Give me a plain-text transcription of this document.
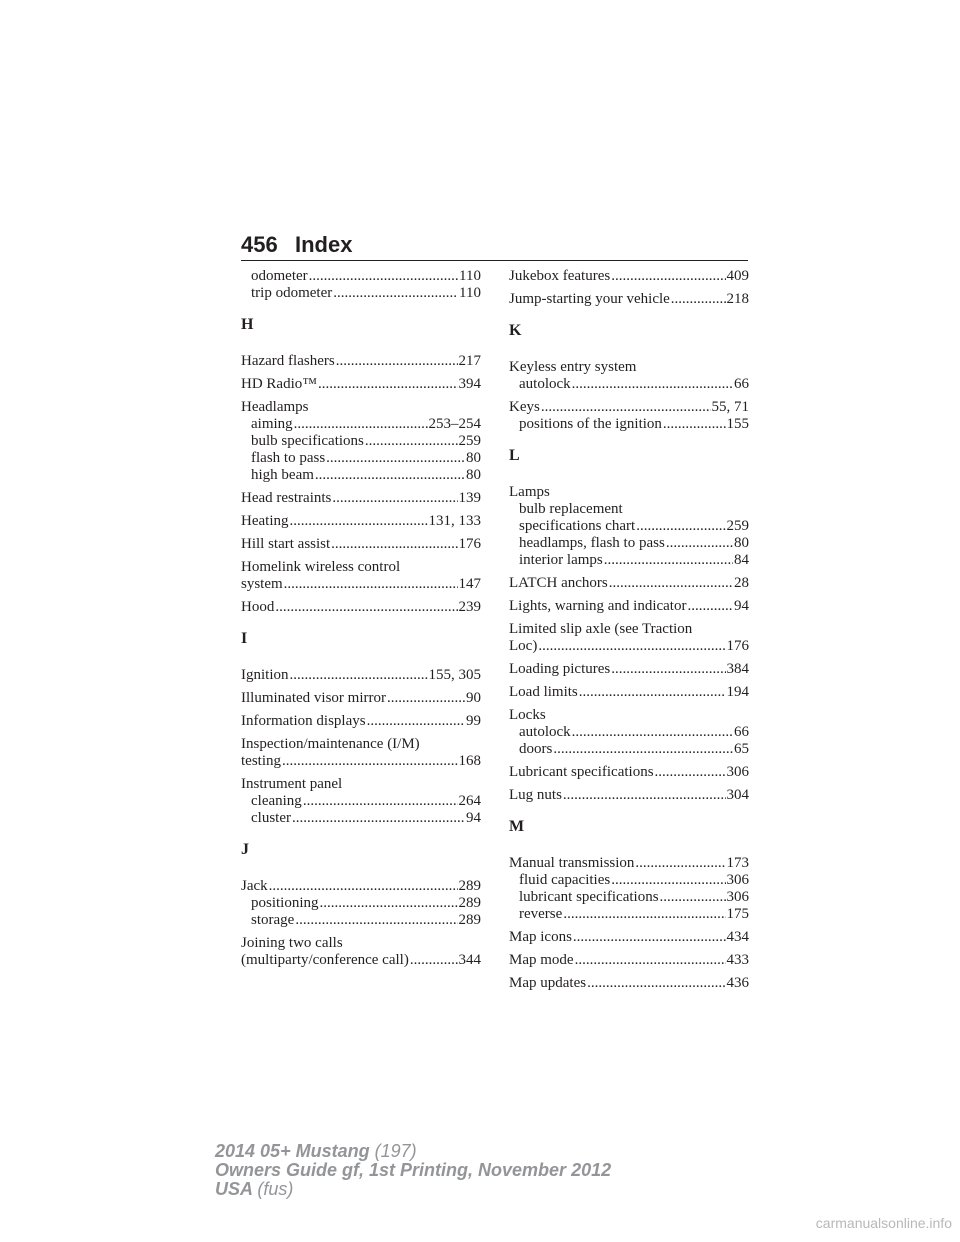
456 Index
odometer .....	110
trip odometer .....	110
H
Hazard flashers .....	217
HD Radio™ .....	394
Headlamps
aiming .....	253–254
bulb specifications .....	259
flash to pass .....	80
high beam .....	80
Head restraints .....	139
Heating .....	131, 133
Hill start assist .....	176
Homelink wireless control
system .....	147
Hood .....	239
I
Ignition .....	155, 305
Illuminated visor mirror .....	90
Information displays .....	99
Inspection/maintenance (I/M)
testing .....	168
Instrument panel
cleaning .....	264
cluster .....	94
J
Jack .....	289
positioning .....	289
storage .....	289
Joining two calls
(multiparty/conference call) .....	344
Jukebox features .....	409
Jump-starting your vehicle .....	218
K
Keyless entry system
autolock .....	66
Keys .....	55, 71
positions of the ignition .....	155
L
Lamps
bulb replacement
specifications chart .....	259
headlamps, flash to pass .....	80
interior lamps .....	84
LATCH anchors .....	28
Lights, warning and indicator .....	94
Limited slip axle (see Traction
Loc) .....	176
Loading pictures .....	384
Load limits .....	194
Locks
autolock .....	66
doors .....	65
Lubricant specifications .....	306
Lug nuts .....	304
M
Manual transmission .....	173
fluid capacities .....	306
lubricant specifications .....	306
reverse .....	175
Map icons .....	434
Map mode .....	433
Map updates .....	436
2014 05+ Mustang (197)
Owners Guide gf, 1st Printing, November 2012
USA (fus)
carmanualsonline.info
